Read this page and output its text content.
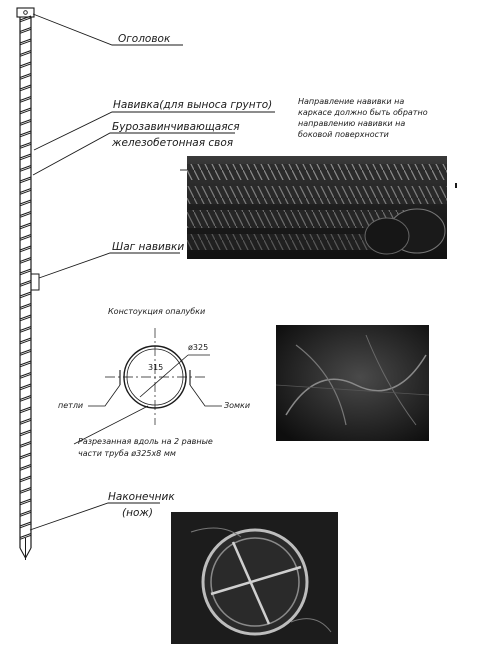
Оголовок

Навивка(для выноса грунто)

Бурозавинчивающаяся

железобетонная своя

Шаг навивки

Наконечник

(нож)

Направление навивки на
каркасе должно быть обратно
направлению навивки на
боковой поверхности

Констоукция опалубки

ø325

315

петли	Зомки

Разрезанная вдоль на 2 равные

части труба ø325х8 мм
